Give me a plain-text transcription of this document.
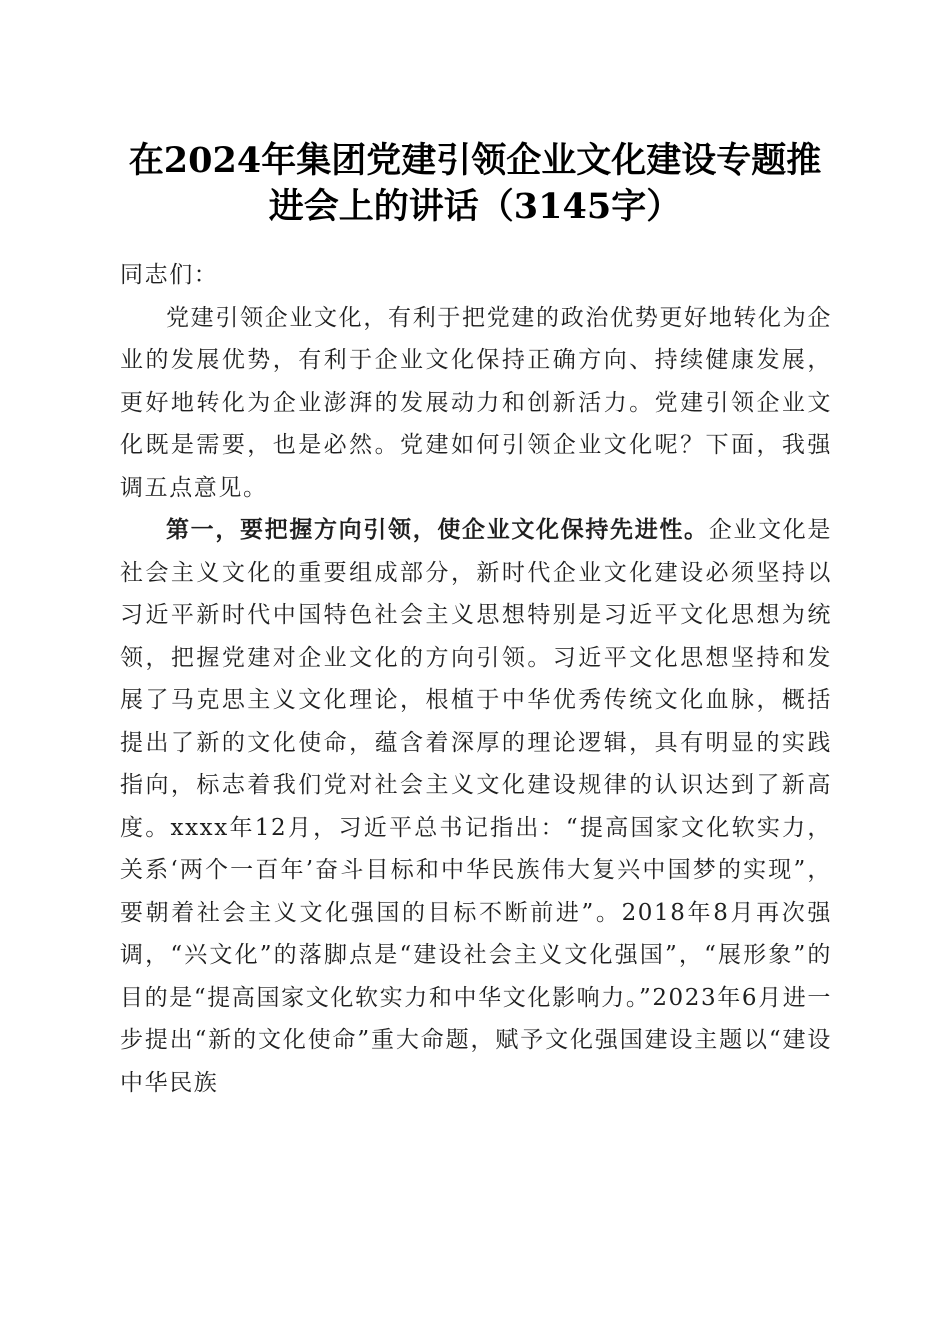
在2024年集团党建引领企业文化建设专题推
进会上的讲话（3145字）

同志们：

党建引领企业文化，有利于把党建的政治优势更好地转化为企业的发展优势，有利于企业文化保持正确方向、持续健康发展，更好地转化为企业澎湃的发展动力和创新活力。党建引领企业文化既是需要，也是必然。党建如何引领企业文化呢？下面，我强调五点意见。

第一，要把握方向引领，使企业文化保持先进性。企业文化是社会主义文化的重要组成部分，新时代企业文化建设必须坚持以习近平新时代中国特色社会主义思想特别是习近平文化思想为统领，把握党建对企业文化的方向引领。习近平文化思想坚持和发展了马克思主义文化理论，根植于中华优秀传统文化血脉，概括提出了新的文化使命，蕴含着深厚的理论逻辑，具有明显的实践指向，标志着我们党对社会主义文化建设规律的认识达到了新高度。xxxx年12月，习近平总书记指出：“提高国家文化软实力，关系‘两个一百年’奋斗目标和中华民族伟大复兴中国梦的实现”，要朝着社会主义文化强国的目标不断前进”。2018年8月再次强调，“兴文化”的落脚点是“建设社会主义文化强国”，“展形象”的目的是“提高国家文化软实力和中华文化影响力。”2023年6月进一步提出“新的文化使命”重大命题，赋予文化强国建设主题以“建设中华民族
